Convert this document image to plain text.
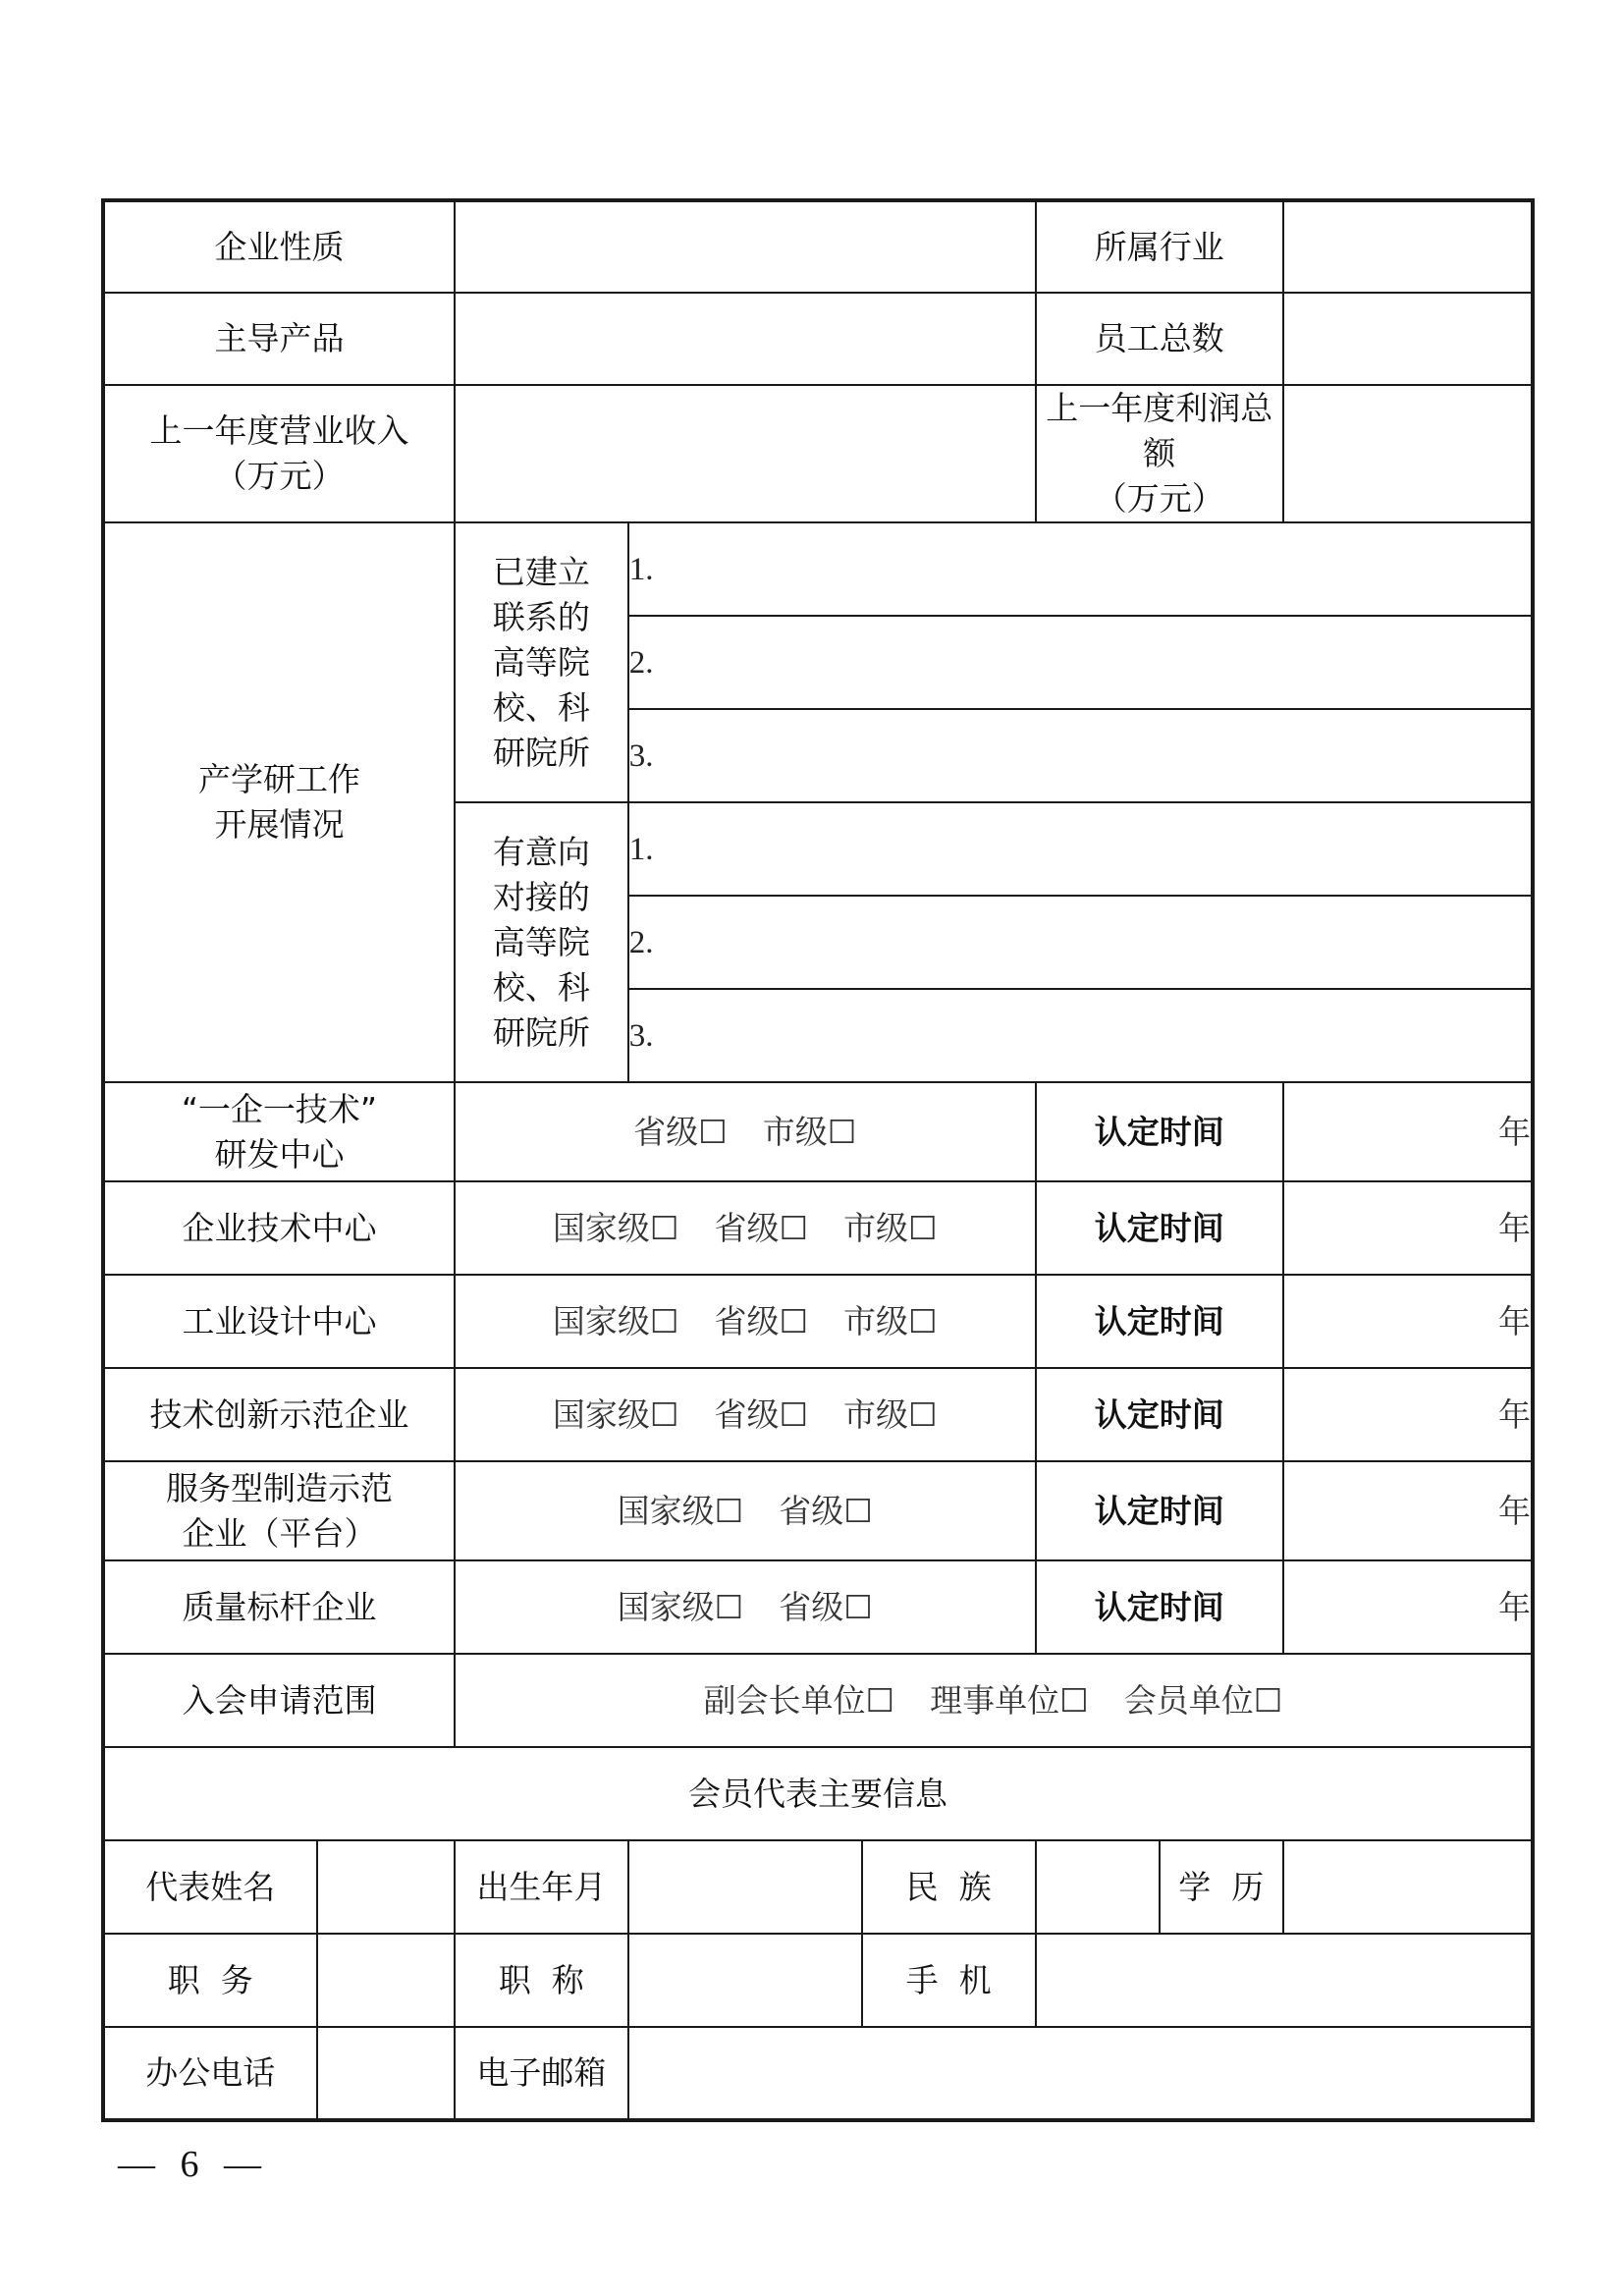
企业性质					所属行业		

主导产品					员工总数		

上一年度营业收入
（万元）					上一年度利润总额
（万元）		

产学研工作
开展情况		已建立
联系的
高等院
校、科
研院所	1.				
			2.				
			3.				

		有意向
对接的
高等院
校、科
研院所	1.				
			2.				
			3.				

“一企一技术”
研发中心		省级☐ 市级☐			认定时间		年

企业技术中心		国家级☐ 省级☐ 市级☐			认定时间		年

工业设计中心		国家级☐ 省级☐ 市级☐			认定时间		年

技术创新示范企业		国家级☐ 省级☐ 市级☐			认定时间		年

服务型制造示范
企业（平台）		国家级☐ 省级☐			认定时间		年

质量标杆企业		国家级☐ 省级☐			认定时间		年

入会申请范围		副会长单位☐ 理事单位☐ 会员单位☐					
会员代表主要信息							

代表姓名		出生年月		民  族		学  历	

职  务		职  称		手  机			

办公电话		电子邮箱					

— 6 —
